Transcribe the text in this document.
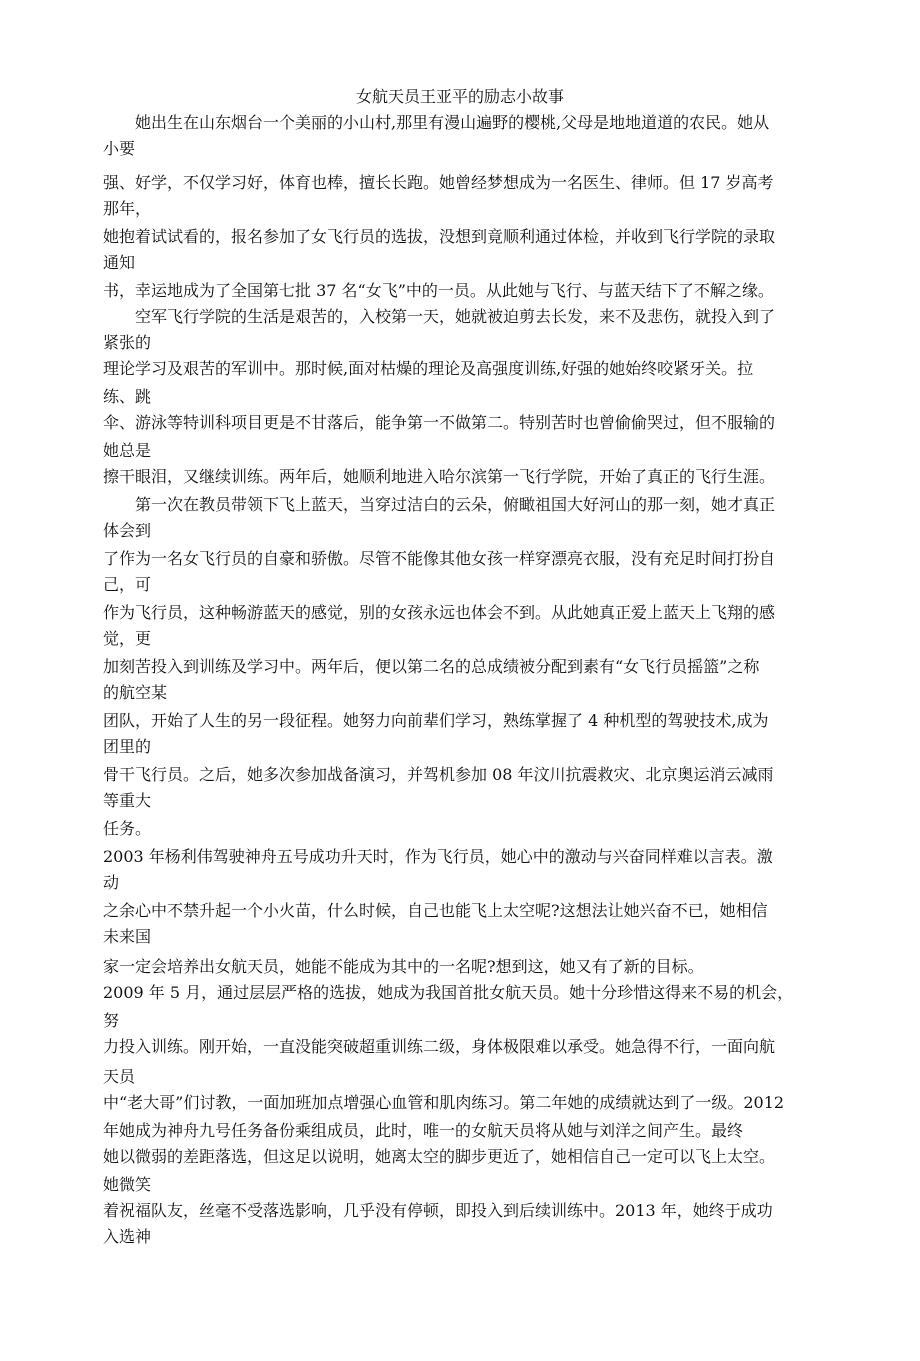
女航天员王亚平的励志小故事
　　她出生在山东烟台一个美丽的小山村,那里有漫山遍野的樱桃,父母是地地道道的农民。她从
小要
强、好学，不仅学习好，体育也棒，擅长长跑。她曾经梦想成为一名医生、律师。但 17 岁高考
那年，
她抱着试试看的，报名参加了女飞行员的选拔，没想到竟顺利通过体检，并收到飞行学院的录取
通知
书，幸运地成为了全国第七批 37 名“女飞”中的一员。从此她与飞行、与蓝天结下了不解之缘。
　　空军飞行学院的生活是艰苦的，入校第一天，她就被迫剪去长发，来不及悲伤，就投入到了
紧张的
理论学习及艰苦的军训中。那时候,面对枯燥的理论及高强度训练,好强的她始终咬紧牙关。拉
练、跳
伞、游泳等特训科项目更是不甘落后，能争第一不做第二。特别苦时也曾偷偷哭过，但不服输的
她总是
擦干眼泪，又继续训练。两年后，她顺利地进入哈尔滨第一飞行学院，开始了真正的飞行生涯。
　　第一次在教员带领下飞上蓝天，当穿过洁白的云朵，俯瞰祖国大好河山的那一刻，她才真正
体会到
了作为一名女飞行员的自豪和骄傲。尽管不能像其他女孩一样穿漂亮衣服，没有充足时间打扮自
己，可
作为飞行员，这种畅游蓝天的感觉，别的女孩永远也体会不到。从此她真正爱上蓝天上飞翔的感
觉，更
加刻苦投入到训练及学习中。两年后，便以第二名的总成绩被分配到素有“女飞行员摇篮”之称
的航空某
团队，开始了人生的另一段征程。她努力向前辈们学习，熟练掌握了 4 种机型的驾驶技术,成为
团里的
骨干飞行员。之后，她多次参加战备演习，并驾机参加 08 年汶川抗震救灾、北京奥运消云减雨
等重大
任务。
2003 年杨利伟驾驶神舟五号成功升天时，作为飞行员，她心中的激动与兴奋同样难以言表。激
动
之余心中不禁升起一个小火苗，什么时候，自己也能飞上太空呢?这想法让她兴奋不已，她相信
未来国
家一定会培养出女航天员，她能不能成为其中的一名呢?想到这，她又有了新的目标。
2009 年 5 月，通过层层严格的选拔，她成为我国首批女航天员。她十分珍惜这得来不易的机会，
努
力投入训练。刚开始，一直没能突破超重训练二级，身体极限难以承受。她急得不行，一面向航
天员
中“老大哥”们讨教，一面加班加点增强心血管和肌肉练习。第二年她的成绩就达到了一级。2012
年她成为神舟九号任务备份乘组成员，此时，唯一的女航天员将从她与刘洋之间产生。最终
她以微弱的差距落选，但这足以说明，她离太空的脚步更近了，她相信自己一定可以飞上太空。
她微笑
着祝福队友，丝毫不受落选影响，几乎没有停顿，即投入到后续训练中。2013 年，她终于成功
入选神
